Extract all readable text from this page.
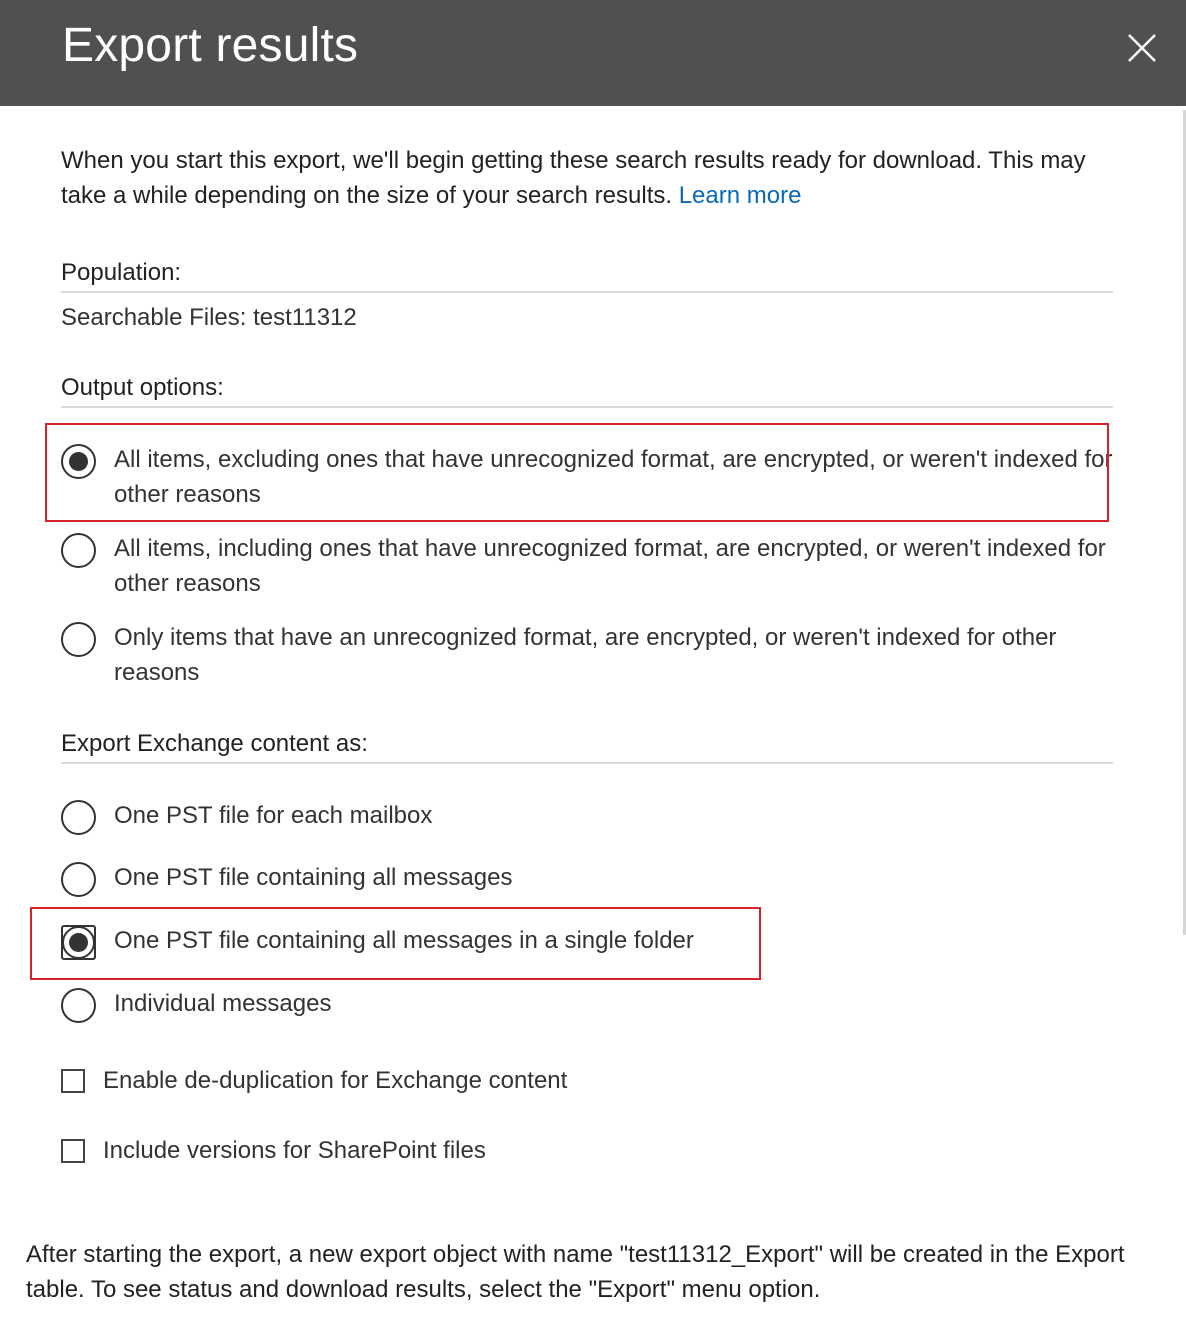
Export results
When you start this export, we'll begin getting these search results ready for download. This may take a while depending on the size of your search results. Learn more
Population:
Searchable Files: test11312
Output options:
All items, excluding ones that have unrecognized format, are encrypted, or weren't indexed for other reasons
All items, including ones that have unrecognized format, are encrypted, or weren't indexed for other reasons
Only items that have an unrecognized format, are encrypted, or weren't indexed for other reasons
Export Exchange content as:
One PST file for each mailbox
One PST file containing all messages
One PST file containing all messages in a single folder
Individual messages
Enable de-duplication for Exchange content
Include versions for SharePoint files
After starting the export, a new export object with name "test11312_Export" will be created in the Export table. To see status and download results, select the "Export" menu option.
